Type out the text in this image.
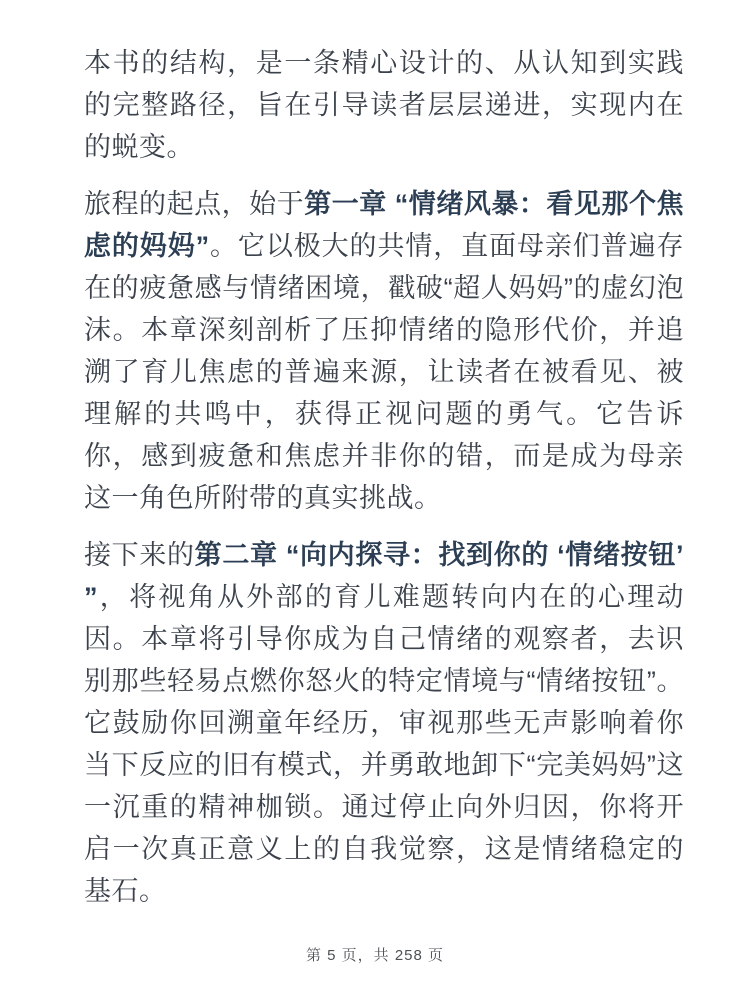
本书的结构，是一条精心设计的、从认知到实践的完整路径，旨在引导读者层层递进，实现内在的蜕变。

旅程的起点，始于第一章 “情绪风暴：看见那个焦虑的妈妈”。它以极大的共情，直面母亲们普遍存在的疲惫感与情绪困境，戳破“超人妈妈”的虚幻泡沫。本章深刻剖析了压抑情绪的隐形代价，并追溯了育儿焦虑的普遍来源，让读者在被看见、被理解的共鸣中，获得正视问题的勇气。它告诉你，感到疲惫和焦虑并非你的错，而是成为母亲这一角色所附带的真实挑战。

接下来的第二章 “向内探寻：找到你的 ‘情绪按钮’ ”，将视角从外部的育儿难题转向内在的心理动因。本章将引导你成为自己情绪的观察者，去识别那些轻易点燃你怒火的特定情境与“情绪按钮”。它鼓励你回溯童年经历，审视那些无声影响着你当下反应的旧有模式，并勇敢地卸下“完美妈妈”这一沉重的精神枷锁。通过停止向外归因，你将开启一次真正意义上的自我觉察，这是情绪稳定的基石。

第 5 页，共 258 页
